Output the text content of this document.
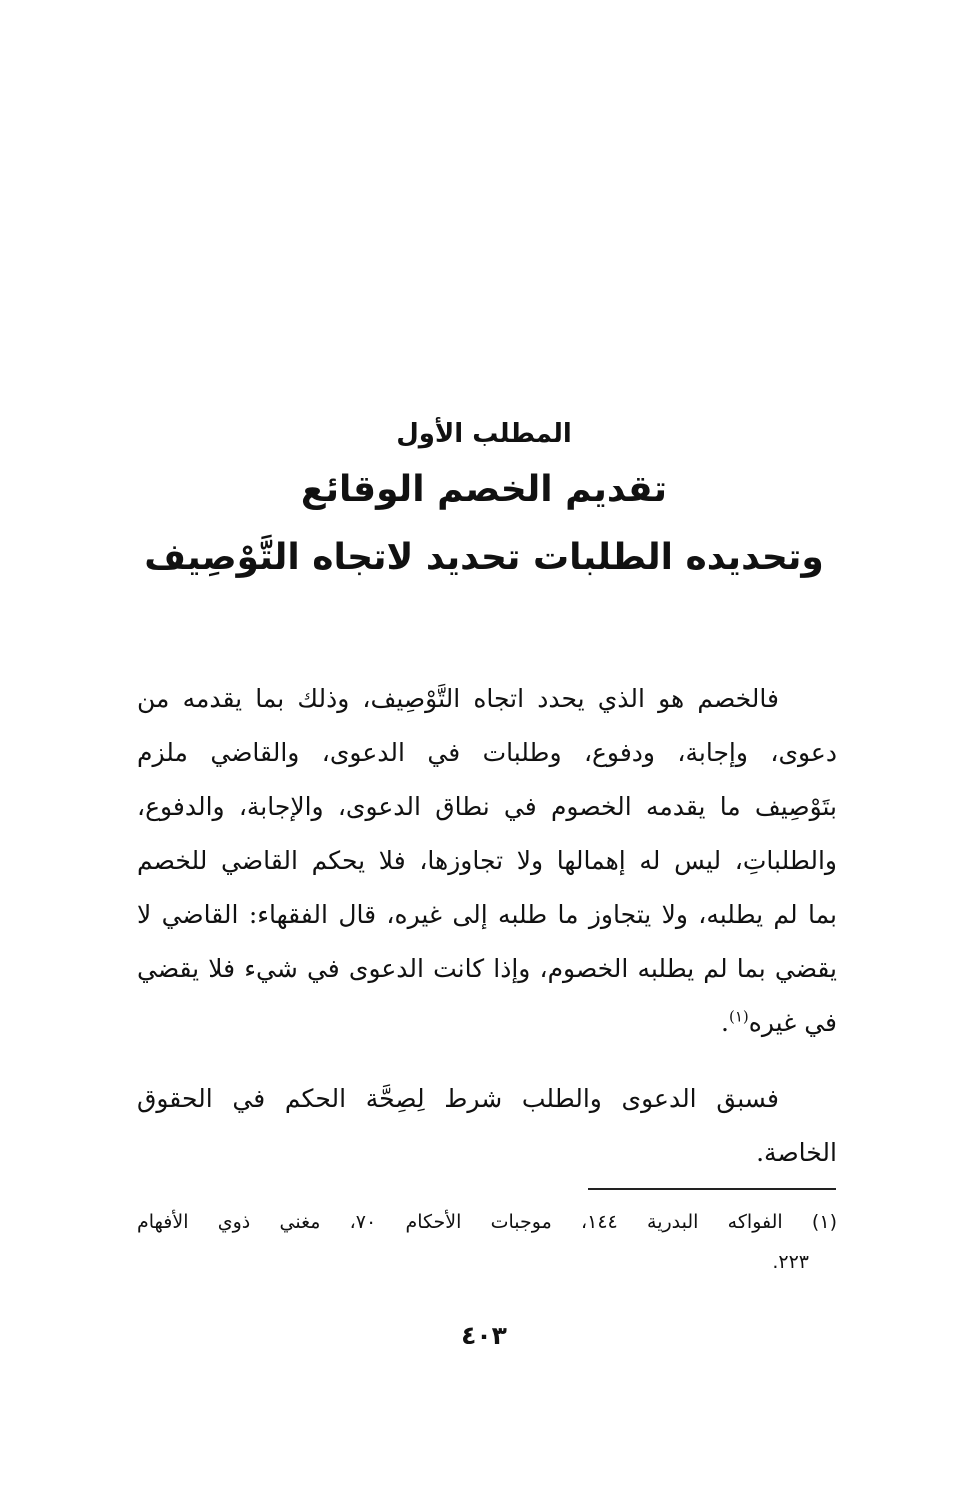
المطلب الأول
تقديم الخصم الوقائع
وتحديده الطلبات تحديد لاتجاه التَّوْصِيف
فالخصم هو الذي يحدد اتجاه التَّوْصِيف، وذلك بما يقدمه من
دعوى، وإجابة، ودفوع، وطلبات في الدعوى، والقاضي ملزم
بتَوْصِيف ما يقدمه الخصوم في نطاق الدعوى، والإجابة، والدفوع،
والطلباتِ، ليس له إهمالها ولا تجاوزها، فلا يحكم القاضي للخصم
بما لم يطلبه، ولا يتجاوز ما طلبه إلى غيره، قال الفقهاء: القاضي لا
يقضي بما لم يطلبه الخصوم، وإذا كانت الدعوى في شيء فلا يقضي
في غيره$^{(١)}$.
فسبق الدعوى والطلب شرط لِصِحَّة الحكم في الحقوق
الخاصة.
(١) الفواكه البدرية ١٤٤، موجبات الأحكام ٧٠، مغني ذوي الأفهام
٢٢٣.
٤٠٣
